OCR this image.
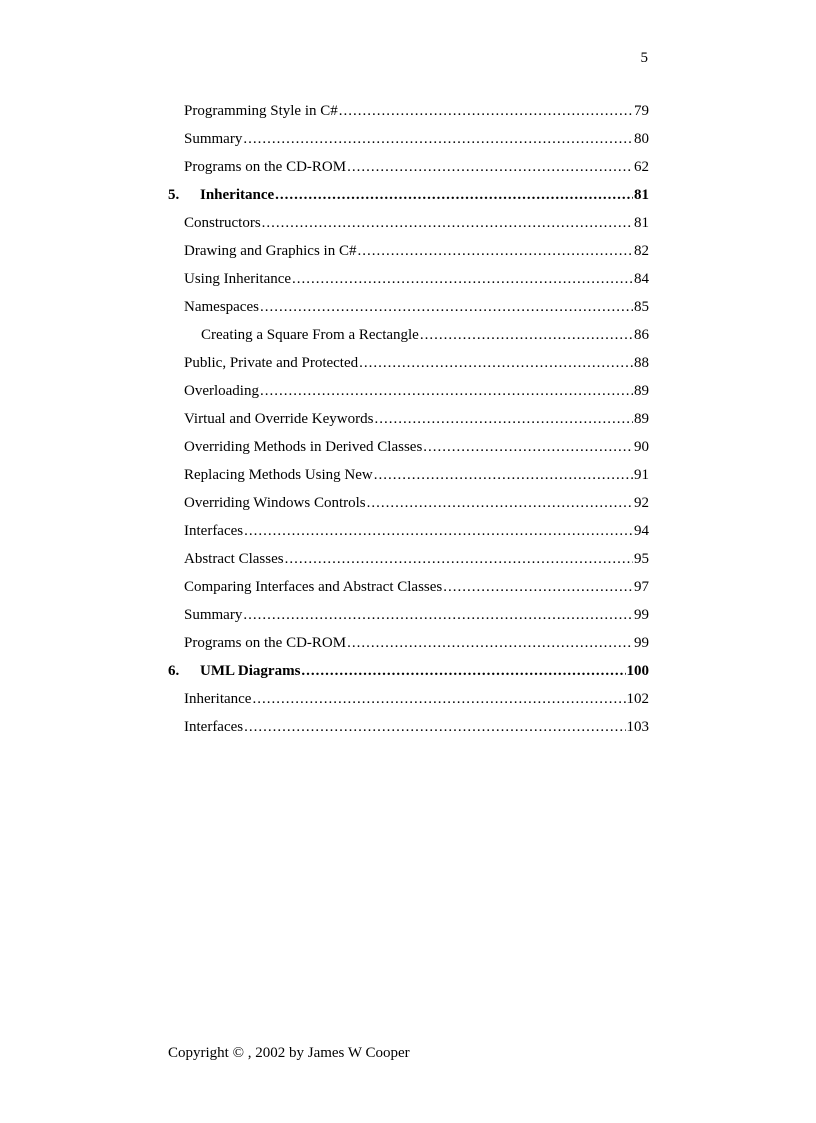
5
Programming Style in C# .....	79
Summary .....	80
Programs on the CD-ROM .....	62
5.	Inheritance .....	81
Constructors .....	81
Drawing and Graphics in C# .....	82
Using Inheritance .....	84
Namespaces .....	85
Creating a Square From a Rectangle .....	86
Public, Private and Protected .....	88
Overloading .....	89
Virtual and Override Keywords .....	89
Overriding Methods in Derived Classes .....	90
Replacing Methods Using New .....	91
Overriding Windows Controls .....	92
Interfaces .....	94
Abstract Classes .....	95
Comparing Interfaces and Abstract Classes .....	97
Summary .....	99
Programs on the CD-ROM .....	99
6.	UML Diagrams .....	100
Inheritance .....	102
Interfaces .....	103
Copyright © , 2002 by James W Cooper
